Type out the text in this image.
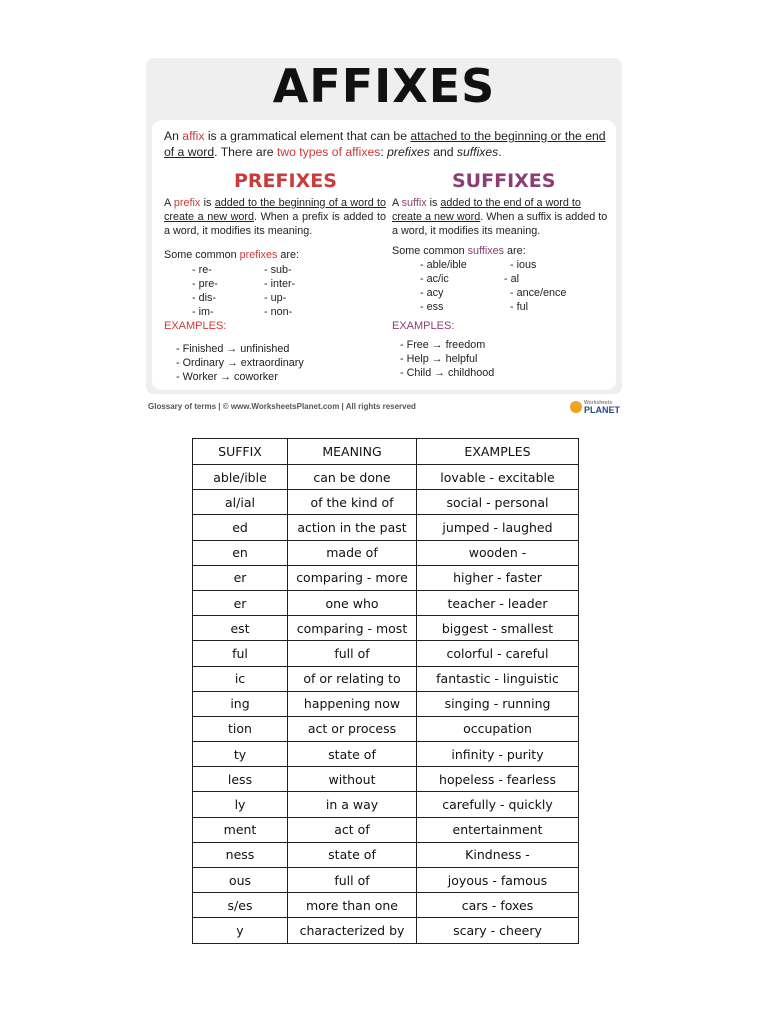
AFFIXES
An affix is a grammatical element that can be attached to the beginning or the end of a word. There are two types of affixes: prefixes and suffixes.
PREFIXES
A prefix is added to the beginning of a word to create a new word. When a prefix is added to a word, it modifies its meaning.
Some common prefixes are:
- re-	- sub-
- pre-	- inter-
- dis-	- up-
- im-	- non-
EXAMPLES:
- Finished → unfinished
- Ordinary → extraordinary
- Worker → coworker
SUFFIXES
A suffix is added to the end of a word to create a new word. When a suffix is added to a word, it modifies its meaning.
Some common suffixes are:
- able/ible	- ious
- ac/ic	- al
- acy	- ance/ence
- ess	- ful
EXAMPLES:
- Free → freedom
- Help → helpful
- Child → childhood
Glossary of terms | © www.WorksheetsPlanet.com | All rights reserved	Worksheets
PLANET
SUFFIX	MEANING	EXAMPLES
able/ible	can be done	lovable - excitable
al/ial	of the kind of	social - personal
ed	action in the past	jumped - laughed
en	made of	wooden -
er	comparing - more	higher - faster
er	one who	teacher - leader
est	comparing - most	biggest - smallest
ful	full of	colorful - careful
ic	of or relating to	fantastic - linguistic
ing	happening now	singing - running
tion	act or process	occupation
ty	state of	infinity - purity
less	without	hopeless - fearless
ly	in a way	carefully - quickly
ment	act of	entertainment
ness	state of	Kindness -
ous	full of	joyous - famous
s/es	more than one	cars - foxes
y	characterized by	scary - cheery
